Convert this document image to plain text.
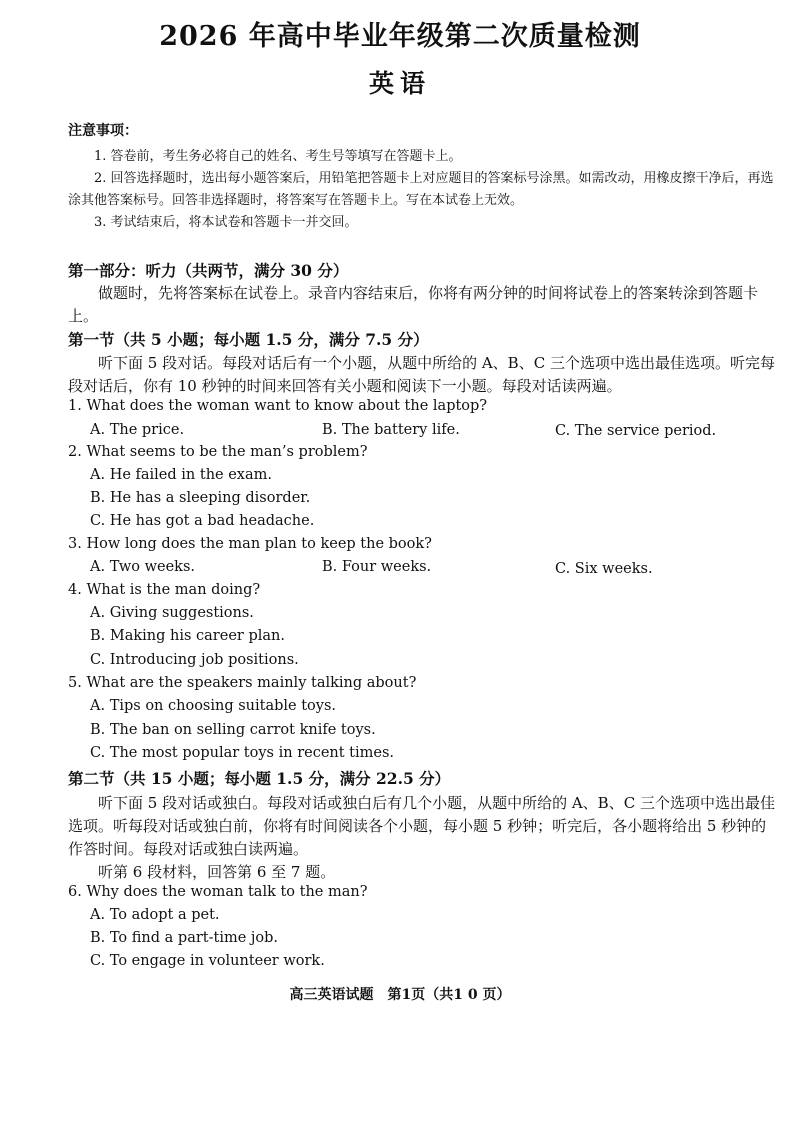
2026 年高中毕业年级第二次质量检测
英语
注意事项：
1. 答卷前，考生务必将自己的姓名、考生号等填写在答题卡上。
2. 回答选择题时，选出每小题答案后，用铅笔把答题卡上对应题目的答案标号涂黑。如需改动，用橡皮擦干净后，再选涂其他答案标号。回答非选择题时，将答案写在答题卡上。写在本试卷上无效。
3. 考试结束后，将本试卷和答题卡一并交回。
第一部分：听力（共两节，满分 30 分）
做题时，先将答案标在试卷上。录音内容结束后，你将有两分钟的时间将试卷上的答案转涂到答题卡上。
第一节（共 5 小题；每小题 1.5 分，满分 7.5 分）
听下面 5 段对话。每段对话后有一个小题，从题中所给的 A、B、C 三个选项中选出最佳选项。听完每段对话后，你有 10 秒钟的时间来回答有关小题和阅读下一小题。每段对话读两遍。
1. What does the woman want to know about the laptop?
A. The price.	B. The battery life.	C. The service period.
2. What seems to be the man’s problem?
A. He failed in the exam.
B. He has a sleeping disorder.
C. He has got a bad headache.
3. How long does the man plan to keep the book?
A. Two weeks.	B. Four weeks.	C. Six weeks.
4. What is the man doing?
A. Giving suggestions.
B. Making his career plan.
C. Introducing job positions.
5. What are the speakers mainly talking about?
A. Tips on choosing suitable toys.
B. The ban on selling carrot knife toys.
C. The most popular toys in recent times.
第二节（共 15 小题；每小题 1.5 分，满分 22.5 分）
听下面 5 段对话或独白。每段对话或独白后有几个小题，从题中所给的 A、B、C 三个选项中选出最佳选项。听每段对话或独白前，你将有时间阅读各个小题，每小题 5 秒钟；听完后，各小题将给出 5 秒钟的作答时间。每段对话或独白读两遍。
听第 6 段材料，回答第 6 至 7 题。
6. Why does the woman talk to the man?
A. To adopt a pet.
B. To find a part-time job.
C. To engage in volunteer work.
高三英语试题　第1页（共1 0 页）
